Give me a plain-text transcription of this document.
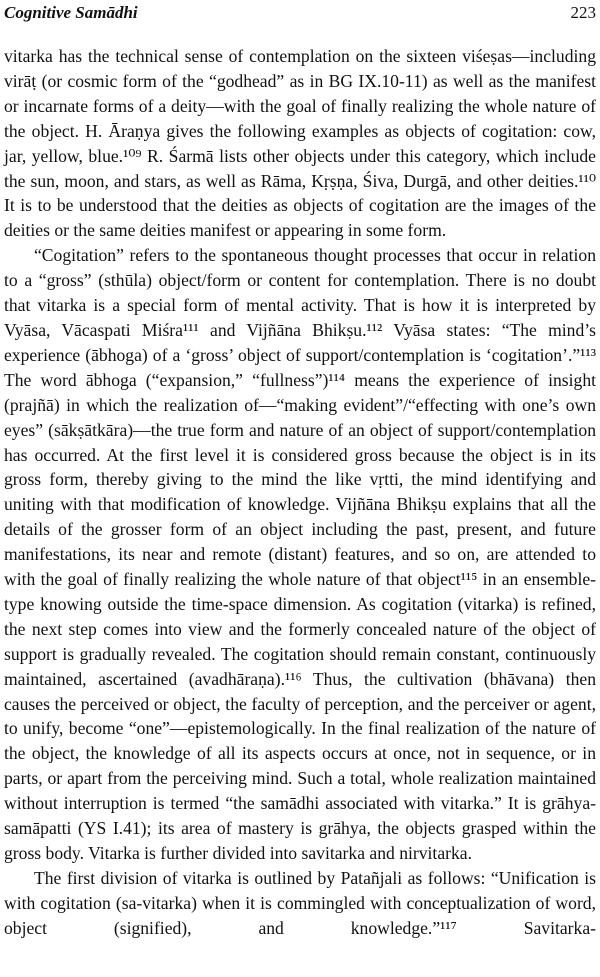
Cognitive Samādhi	223

vitarka has the technical sense of contemplation on the sixteen viśeṣas—including virāṭ (or cosmic form of the “godhead” as in BG IX.10-11) as well as the manifest or incarnate forms of a deity—with the goal of finally realizing the whole nature of the object. H. Āraṇya gives the following examples as objects of cogitation: cow, jar, yellow, blue.¹⁰⁹ R. Śarmā lists other objects under this category, which include the sun, moon, and stars, as well as Rāma, Kṛṣṇa, Śiva, Durgā, and other deities.¹¹⁰ It is to be understood that the deities as objects of cogitation are the images of the deities or the same deities manifest or appearing in some form.

“Cogitation” refers to the spontaneous thought processes that occur in relation to a “gross” (sthūla) object/form or content for contemplation. There is no doubt that vitarka is a special form of mental activity. That is how it is interpreted by Vyāsa, Vācaspati Miśra¹¹¹ and Vijñāna Bhikṣu.¹¹² Vyāsa states: “The mind’s experience (ābhoga) of a ‘gross’ object of support/contemplation is ‘cogitation’.”¹¹³ The word ābhoga (“expansion,” “fullness”)¹¹⁴ means the experience of insight (prajñā) in which the realization of—“making evident”/“effecting with one’s own eyes” (sākṣātkāra)—the true form and nature of an object of support/contemplation has occurred. At the first level it is considered gross because the object is in its gross form, thereby giving to the mind the like vṛtti, the mind identifying and uniting with that modification of knowledge. Vijñāna Bhikṣu explains that all the details of the grosser form of an object including the past, present, and future manifestations, its near and remote (distant) features, and so on, are attended to with the goal of finally realizing the whole nature of that object¹¹⁵ in an ensemble-type knowing outside the time-space dimension. As cogitation (vitarka) is refined, the next step comes into view and the formerly concealed nature of the object of support is gradually revealed. The cogitation should remain constant, continuously maintained, ascertained (avadhāraṇa).¹¹⁶ Thus, the cultivation (bhāvana) then causes the perceived or object, the faculty of perception, and the perceiver or agent, to unify, become “one”—epistemologically. In the final realization of the nature of the object, the knowledge of all its aspects occurs at once, not in sequence, or in parts, or apart from the perceiving mind. Such a total, whole realization maintained without interruption is termed “the samādhi associated with vitarka.” It is grāhya-samāpatti (YS I.41); its area of mastery is grāhya, the objects grasped within the gross body. Vitarka is further divided into savitarka and nirvitarka.

The first division of vitarka is outlined by Patañjali as follows: “Unification is with cogitation (sa-vitarka) when it is commingled with conceptualization of word, object (signified), and knowledge.”¹¹⁷ Savitarka-
